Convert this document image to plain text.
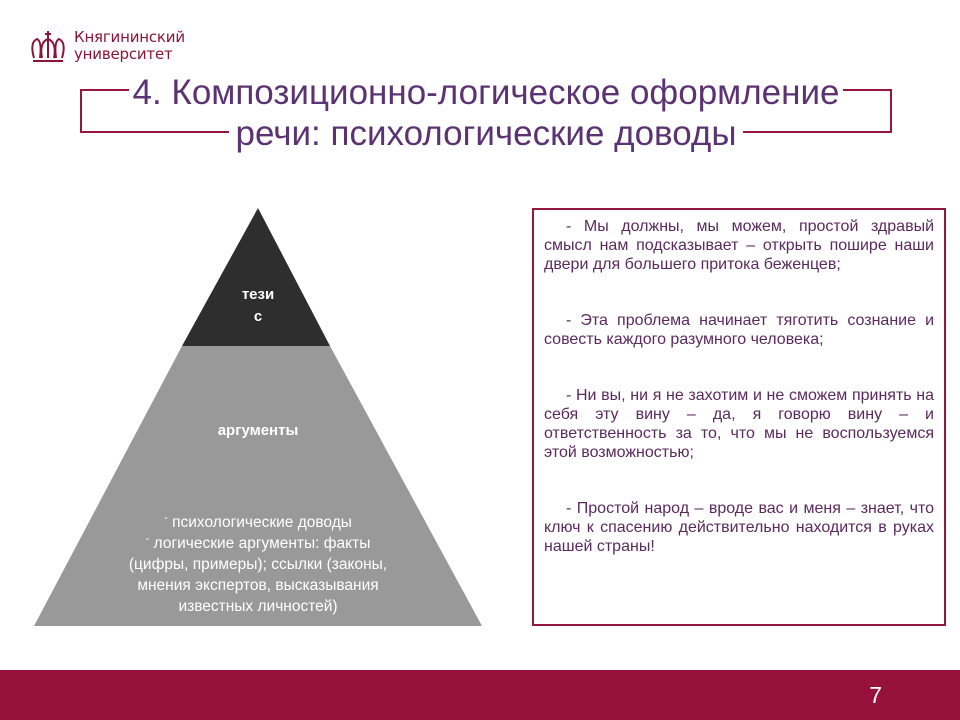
Княгининский
университет
4. Композиционно-логическое оформление
речи: психологические доводы
тези
с
аргументы
- психологические доводы
- логические аргументы: факты
(цифры, примеры); ссылки (законы,
мнения экспертов, высказывания
известных личностей)

- Мы должны, мы можем, простой здравый смысл нам подсказывает – открыть пошире наши двери для большего притока беженцев;

- Эта проблема начинает тяготить сознание и совесть каждого разумного человека;

- Ни вы, ни я не захотим и не сможем принять на себя эту вину – да, я говорю вину – и ответственность за то, что мы не воспользуемся этой возможностью;

- Простой народ – вроде вас и меня – знает, что ключ к спасению действительно находится в руках нашей страны!

7
